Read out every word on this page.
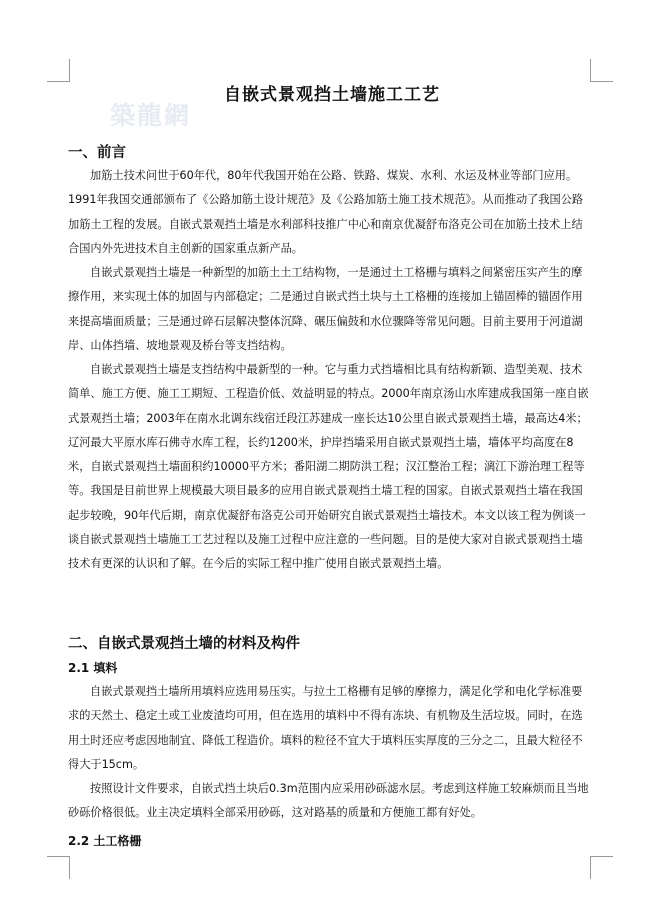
築龍網
自嵌式景观挡土墙施工工艺
一、前言

加筋土技术问世于60年代，80年代我国开始在公路、铁路、煤炭、水利、水运及林业等部门应用。1991年我国交通部颁布了《公路加筋土设计规范》及《公路加筋土施工技术规范》。从而推动了我国公路加筋土工程的发展。自嵌式景观挡土墙是水利部科技推广中心和南京优凝舒布洛克公司在加筋土技术上结合国内外先进技术自主创新的国家重点新产品。

自嵌式景观挡土墙是一种新型的加筋土土工结构物，一是通过土工格栅与填料之间紧密压实产生的摩擦作用，来实现土体的加固与内部稳定；二是通过自嵌式挡土块与土工格栅的连接加上锚固棒的锚固作用来提高墙面质量；三是通过碎石层解决整体沉降、碾压偏鼓和水位骤降等常见问题。目前主要用于河道湖岸、山体挡墙、坡地景观及桥台等支挡结构。

自嵌式景观挡土墙是支挡结构中最新型的一种。它与重力式挡墙相比具有结构新颖、造型美观、技术简单、施工方便、施工工期短、工程造价低、效益明显的特点。2000年南京汤山水库建成我国第一座自嵌式景观挡土墙；2003年在南水北调东线宿迁段江苏建成一座长达10公里自嵌式景观挡土墙，最高达4米；辽河最大平原水库石佛寺水库工程，长约1200米，护岸挡墙采用自嵌式景观挡土墙，墙体平均高度在8米，自嵌式景观挡土墙面积约10000平方米；番阳湖二期防洪工程；汉江整治工程；漓江下游治理工程等等。我国是目前世界上规模最大项目最多的应用自嵌式景观挡土墙工程的国家。自嵌式景观挡土墙在我国起步较晚，90年代后期，南京优凝舒布洛克公司开始研究自嵌式景观挡土墙技术。本文以该工程为例谈一谈自嵌式景观挡土墙施工工艺过程以及施工过程中应注意的一些问题。目的是使大家对自嵌式景观挡土墙技术有更深的认识和了解。在今后的实际工程中推广使用自嵌式景观挡土墙。

二、自嵌式景观挡土墙的材料及构件
2.1 填料

自嵌式景观挡土墙所用填料应选用易压实。与拉土工格栅有足够的摩擦力，满足化学和电化学标准要求的天然土、稳定土或工业废渣均可用，但在选用的填料中不得有冻块、有机物及生活垃圾。同时，在选用土时还应考虑因地制宜、降低工程造价。填料的粒径不宜大于填料压实厚度的三分之二，且最大粒径不得大于15cm。

按照设计文件要求，自嵌式挡土块后0.3m范围内应采用砂砾滤水层。考虑到这样施工较麻烦而且当地砂砾价格很低。业主决定填料全部采用砂砾，这对路基的质量和方便施工都有好处。

2.2 土工格栅
